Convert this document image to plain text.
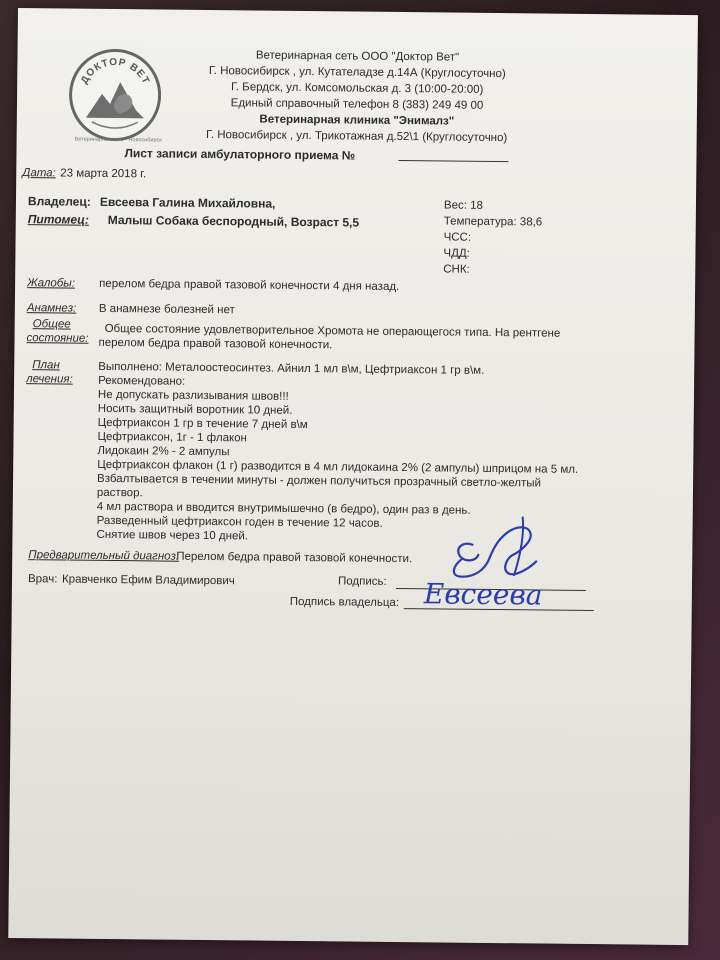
ДОКТОР ВЕТ
Ветеринарная сеть - Новосибирск
Ветеринарная сеть ООО "Доктор Вет"
Г. Новосибирск , ул. Кутателадзе д.14А (Круглосуточно)
Г. Бердск, ул. Комсомольская д. 3 (10:00-20:00)
Единый справочный телефон 8 (383) 249 49 00
Ветеринарная клиника "Энималз"
Г. Новосибирск , ул. Трикотажная д.52\1 (Круглосуточно)
Лист записи амбулаторного приема №
Дата: 23 марта 2018 г.
Владелец: Евсеева Галина Михайловна,
Питомец: Малыш Собака беспородный, Возраст 5,5
Вес: 18
Температура: 38,6
ЧСС:
ЧДД:
СНК:
Жалобы: перелом бедра правой тазовой конечности 4 дня назад.
Анамнез: В анамнезе болезней нет
Общее
состояние: Общее состояние удовлетворительное Хромота не операющегося типа. На рентгене
перелом бедра правой тазовой конечности.
План
лечения:
Выполнено: Металоостеосинтез. Айнил 1 мл в\м, Цефтриаксон 1 гр в\м.
Рекомендовано:
Не допускать разлизывания швов!!!
Носить защитный воротник 10 дней.
Цефтриаксон 1 гр в течение 7 дней в\м
Цефтриаксон, 1г - 1 флакон
Лидокаин 2% - 2 ампулы
Цефтриаксон флакон (1 г) разводится в 4 мл лидокаина 2% (2 ампулы) шприцом на 5 мл.
Взбалтывается в течении минуты - должен получиться прозрачный светло-желтый
раствор.
4 мл раствора и вводится внутримышечно (в бедро), один раз в день.
Разведенный цефтриаксон годен в течение 12 часов.
Снятие швов через 10 дней.
Предварительный диагноз:
Перелом бедра правой тазовой конечности.
Врач: Кравченко Ефим Владимирович	Подпись:
Подпись владельца: Евсеева
